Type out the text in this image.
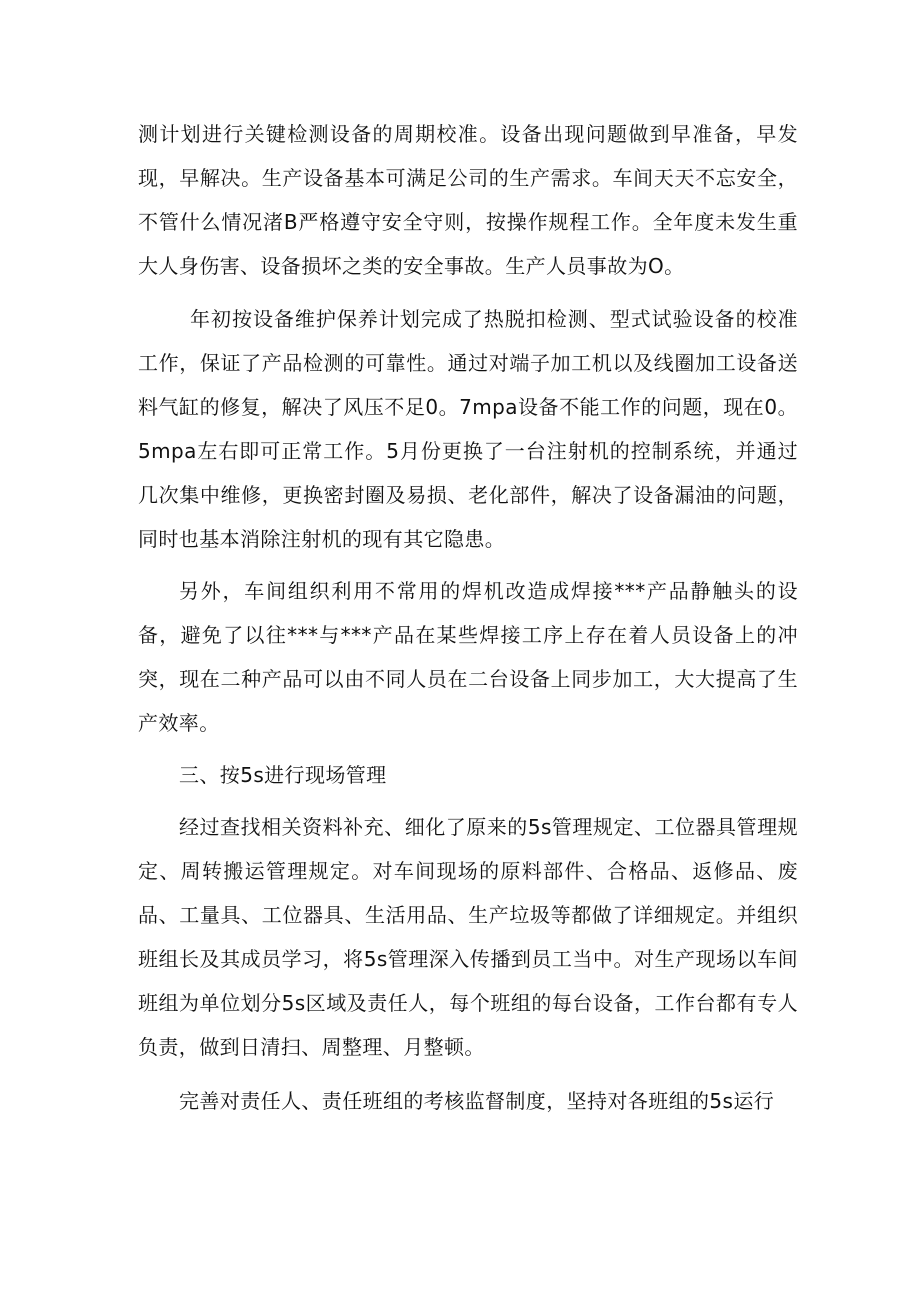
测计划进行关键检测设备的周期校准。设备出现问题做到早准备，早发现，早解决。生产设备基本可满足公司的生产需求。车间天天不忘安全，不管什么情况渚B严格遵守安全守则，按操作规程工作。全年度未发生重大人身伤害、设备损坏之类的安全事故。生产人员事故为O。

年初按设备维护保养计划完成了热脱扣检测、型式试验设备的校准工作，保证了产品检测的可靠性。通过对端子加工机以及线圈加工设备送料气缸的修复，解决了风压不足0。7mpa设备不能工作的问题，现在0。5mpa左右即可正常工作。5月份更换了一台注射机的控制系统，并通过几次集中维修，更换密封圈及易损、老化部件，解决了设备漏油的问题，同时也基本消除注射机的现有其它隐患。

另外，车间组织利用不常用的焊机改造成焊接***产品静触头的设备，避免了以往***与***产品在某些焊接工序上存在着人员设备上的冲突，现在二种产品可以由不同人员在二台设备上同步加工，大大提高了生产效率。

三、按5s进行现场管理

经过查找相关资料补充、细化了原来的5s管理规定、工位器具管理规定、周转搬运管理规定。对车间现场的原料部件、合格品、返修品、废品、工量具、工位器具、生活用品、生产垃圾等都做了详细规定。并组织班组长及其成员学习，将5s管理深入传播到员工当中。对生产现场以车间班组为单位划分5s区域及责任人，每个班组的每台设备，工作台都有专人负责，做到日清扫、周整理、月整顿。

完善对责任人、责任班组的考核监督制度，坚持对各班组的5s运行
